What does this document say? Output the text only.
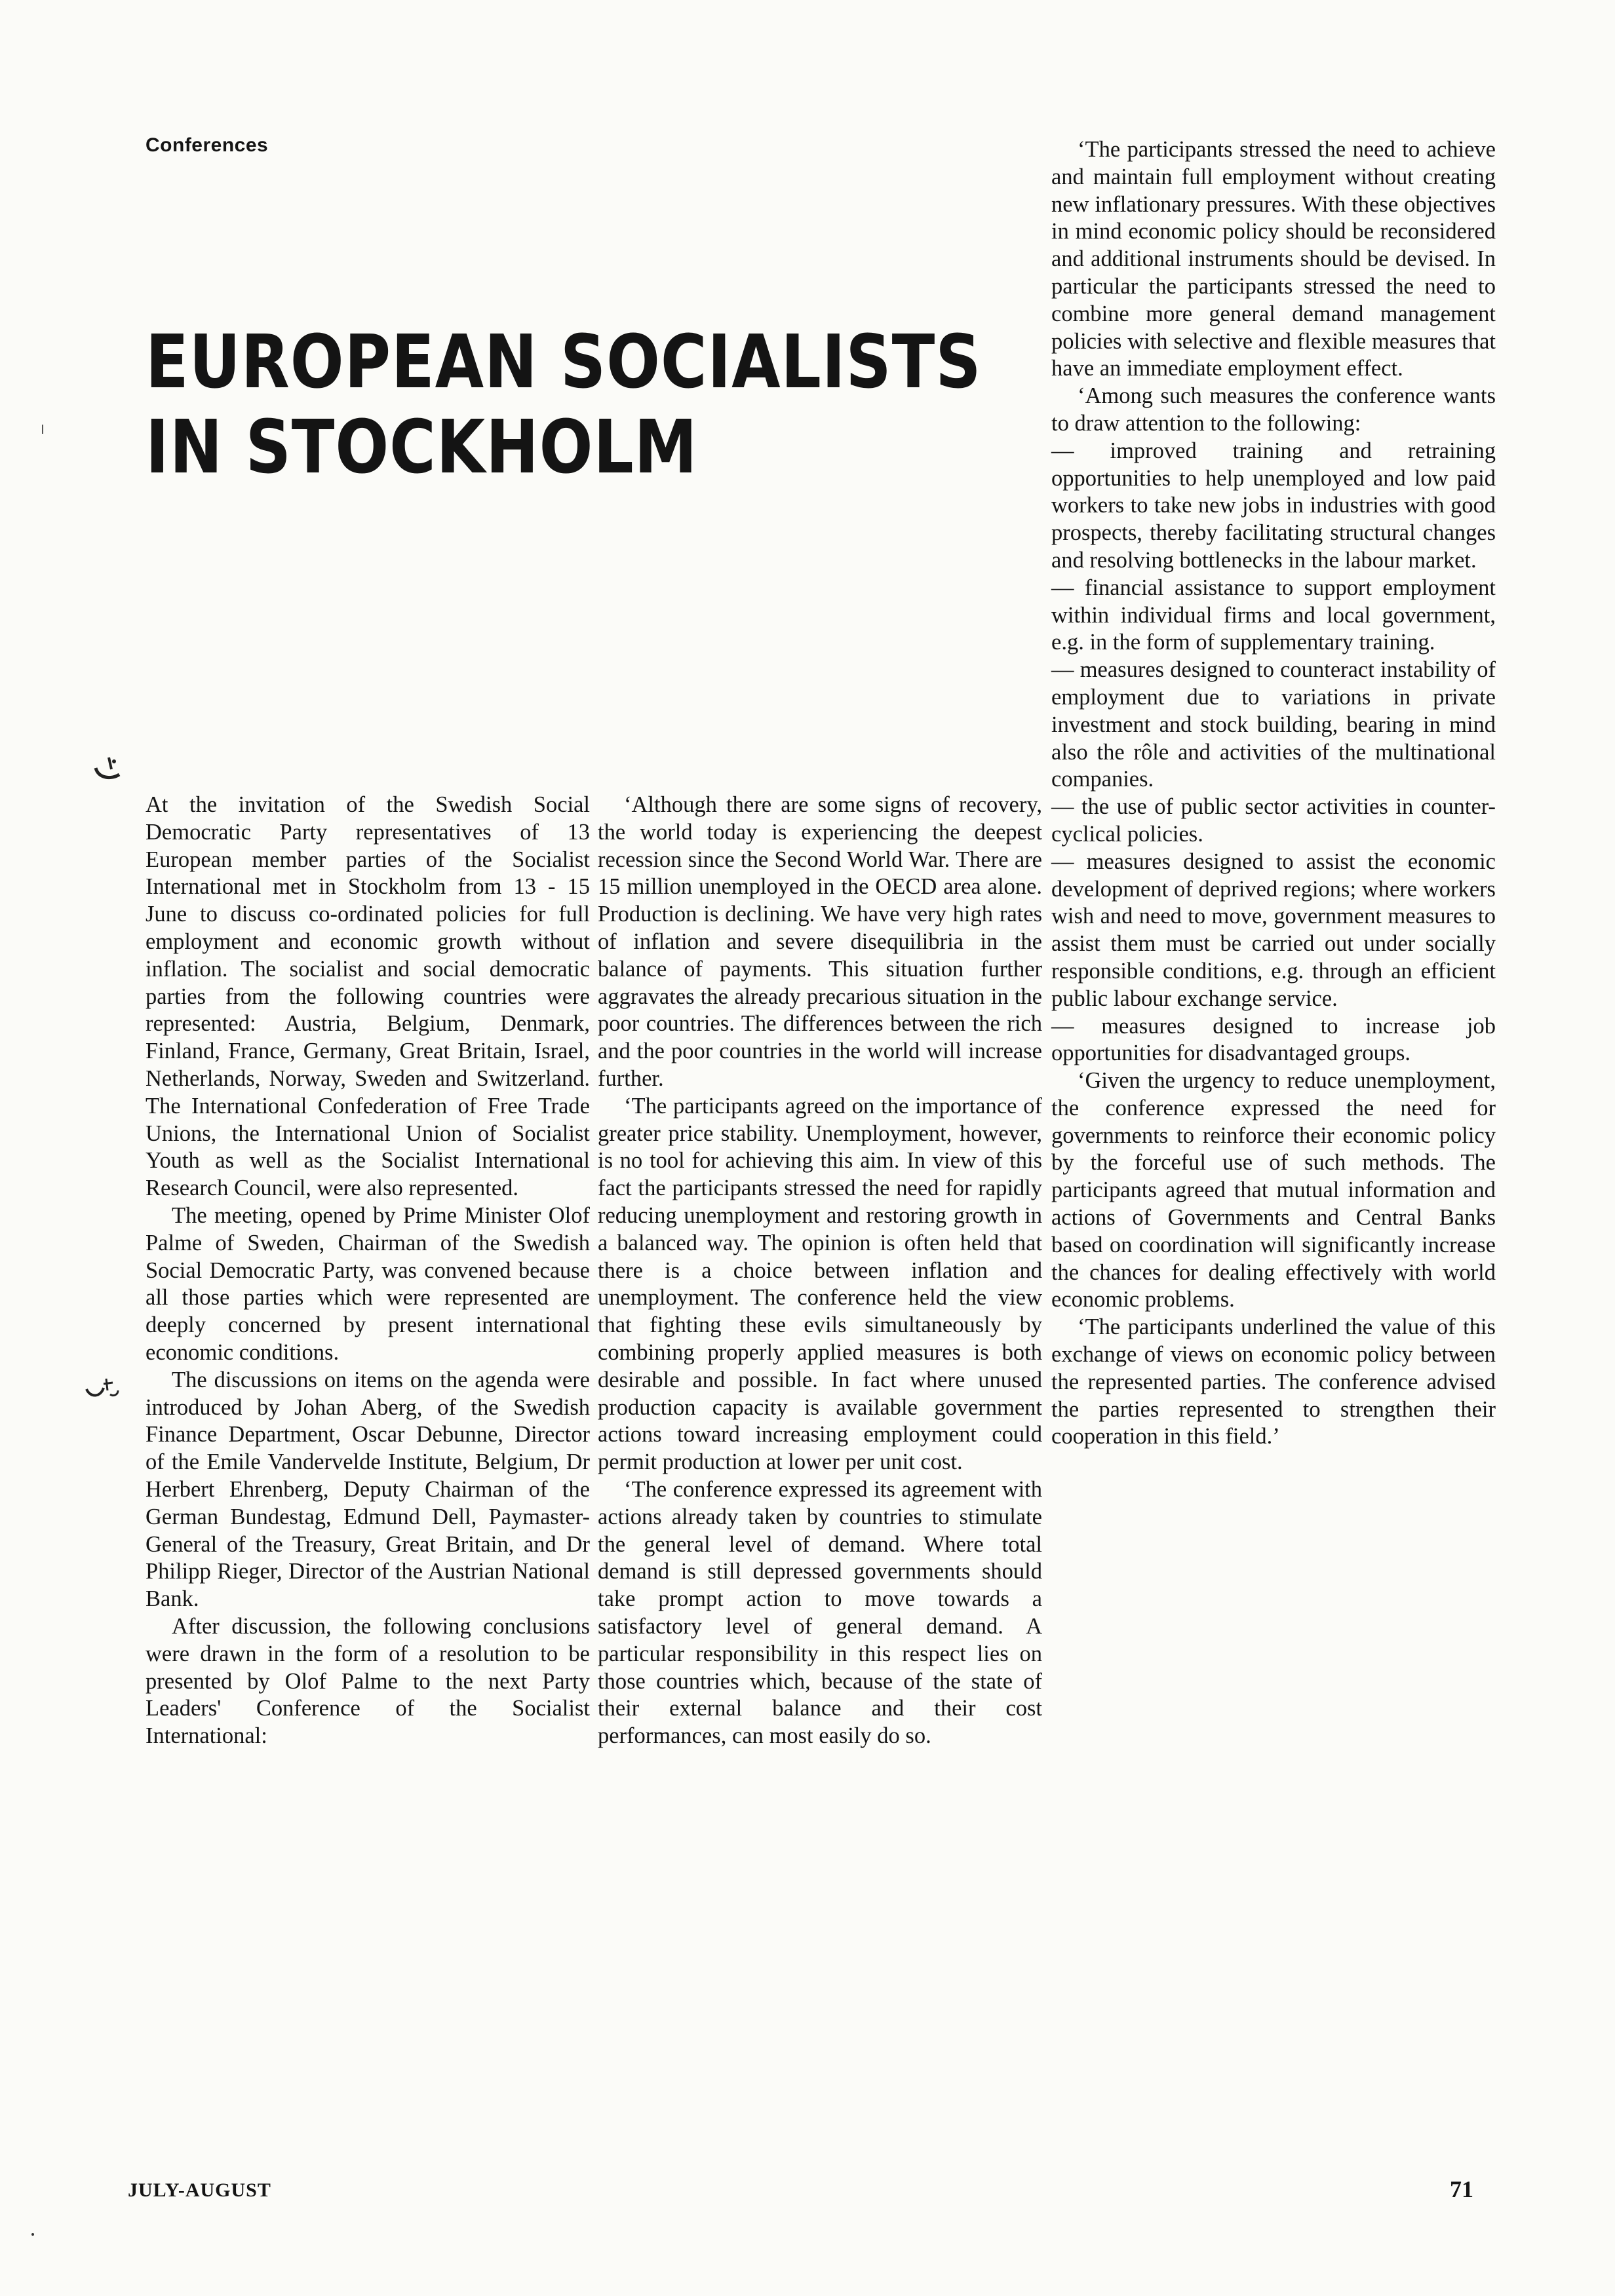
Conferences
EUROPEAN SOCIALISTS
IN STOCKHOLM

At the invitation of the Swedish Social Democratic Party representatives of 13 European member parties of the Socialist International met in Stockholm from 13 - 15 June to discuss co-ordinated policies for full employment and economic growth without inflation. The socialist and social democratic parties from the following countries were represented: Austria, Belgium, Denmark, Finland, France, Germany, Great Britain, Israel, Netherlands, Norway, Sweden and Switzerland. The International Confederation of Free Trade Unions, the International Union of Socialist Youth as well as the Socialist International Research Council, were also represented.

The meeting, opened by Prime Minister Olof Palme of Sweden, Chairman of the Swedish Social Democratic Party, was convened because all those parties which were represented are deeply concerned by present international economic conditions.

The discussions on items on the agenda were introduced by Johan Aberg, of the Swedish Finance Department, Oscar Debunne, Director of the Emile Vandervelde Institute, Belgium, Dr Herbert Ehrenberg, Deputy Chairman of the German Bundestag, Edmund Dell, Paymaster-General of the Treasury, Great Britain, and Dr Philipp Rieger, Director of the Austrian National Bank.

After discussion, the following conclusions were drawn in the form of a resolution to be presented by Olof Palme to the next Party Leaders' Conference of the Socialist International:

‘Although there are some signs of recovery, the world today is experiencing the deepest recession since the Second World War. There are 15 million unemployed in the OECD area alone. Production is declining. We have very high rates of inflation and severe disequilibria in the balance of payments. This situation further aggravates the already precarious situation in the poor countries. The differences between the rich and the poor countries in the world will increase further.

‘The participants agreed on the importance of greater price stability. Unemployment, however, is no tool for achieving this aim. In view of this fact the participants stressed the need for rapidly reducing unemployment and restoring growth in a balanced way. The opinion is often held that there is a choice between inflation and unemployment. The conference held the view that fighting these evils simultaneously by combining properly applied measures is both desirable and possible. In fact where unused production capacity is available government actions toward increasing employment could permit production at lower per unit cost.

‘The conference expressed its agreement with actions already taken by countries to stimulate the general level of demand. Where total demand is still depressed governments should take prompt action to move towards a satisfactory level of general demand. A particular responsibility in this respect lies on those countries which, because of the state of their external balance and their cost performances, can most easily do so.

‘The participants stressed the need to achieve and maintain full employment without creating new inflationary pressures. With these objectives in mind economic policy should be reconsidered and additional instruments should be devised. In particular the participants stressed the need to combine more general demand management policies with selective and flexible measures that have an immediate employment effect.

‘Among such measures the conference wants to draw attention to the following:

— improved training and retraining opportunities to help unemployed and low paid workers to take new jobs in industries with good prospects, thereby facilitating structural changes and resolving bottlenecks in the labour market.

— financial assistance to support employment within individual firms and local government, e.g. in the form of supplementary training.

— measures designed to counteract instability of employment due to variations in private investment and stock building, bearing in mind also the rôle and activities of the multinational companies.

— the use of public sector activities in counter-cyclical policies.

— measures designed to assist the economic development of deprived regions; where workers wish and need to move, government measures to assist them must be carried out under socially responsible conditions, e.g. through an efficient public labour exchange service.

— measures designed to increase job opportunities for disadvantaged groups.

‘Given the urgency to reduce unemployment, the conference expressed the need for governments to reinforce their economic policy by the forceful use of such methods. The participants agreed that mutual information and actions of Governments and Central Banks based on coordination will significantly increase the chances for dealing effectively with world economic problems.

‘The participants underlined the value of this exchange of views on economic policy between the represented parties. The conference advised the parties represented to strengthen their cooperation in this field.’

JULY-AUGUST	71
